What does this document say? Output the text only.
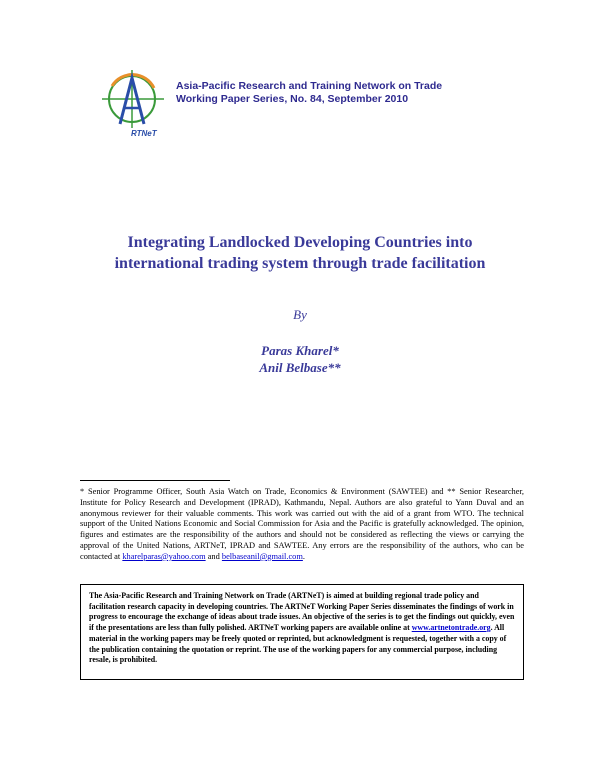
RTNeT
Asia-Pacific Research and Training Network on Trade
Working Paper Series, No. 84, September 2010
Integrating Landlocked Developing Countries into
international trading system through trade facilitation
By
Paras Kharel*
Anil Belbase**
* Senior Programme Officer, South Asia Watch on Trade, Economics & Environment (SAWTEE) and ** Senior Researcher, Institute for Policy Research and Development (IPRAD), Kathmandu, Nepal. Authors are also grateful to Yann Duval and an anonymous reviewer for their valuable comments. This work was carried out with the aid of a grant from WTO. The technical support of the United Nations Economic and Social Commission for Asia and the Pacific is gratefully acknowledged. The opinion, figures and estimates are the responsibility of the authors and should not be considered as reflecting the views or carrying the approval of the United Nations, ARTNeT, IPRAD and SAWTEE. Any errors are the responsibility of the authors, who can be contacted at kharelparas@yahoo.com and belbaseanil@gmail.com.
The Asia-Pacific Research and Training Network on Trade (ARTNeT) is aimed at building regional trade policy and facilitation research capacity in developing countries. The ARTNeT Working Paper Series disseminates the findings of work in progress to encourage the exchange of ideas about trade issues. An objective of the series is to get the findings out quickly, even if the presentations are less than fully polished. ARTNeT working papers are available online at www.artnetontrade.org. All material in the working papers may be freely quoted or reprinted, but acknowledgment is requested, together with a copy of the publication containing the quotation or reprint. The use of the working papers for any commercial purpose, including resale, is prohibited.
